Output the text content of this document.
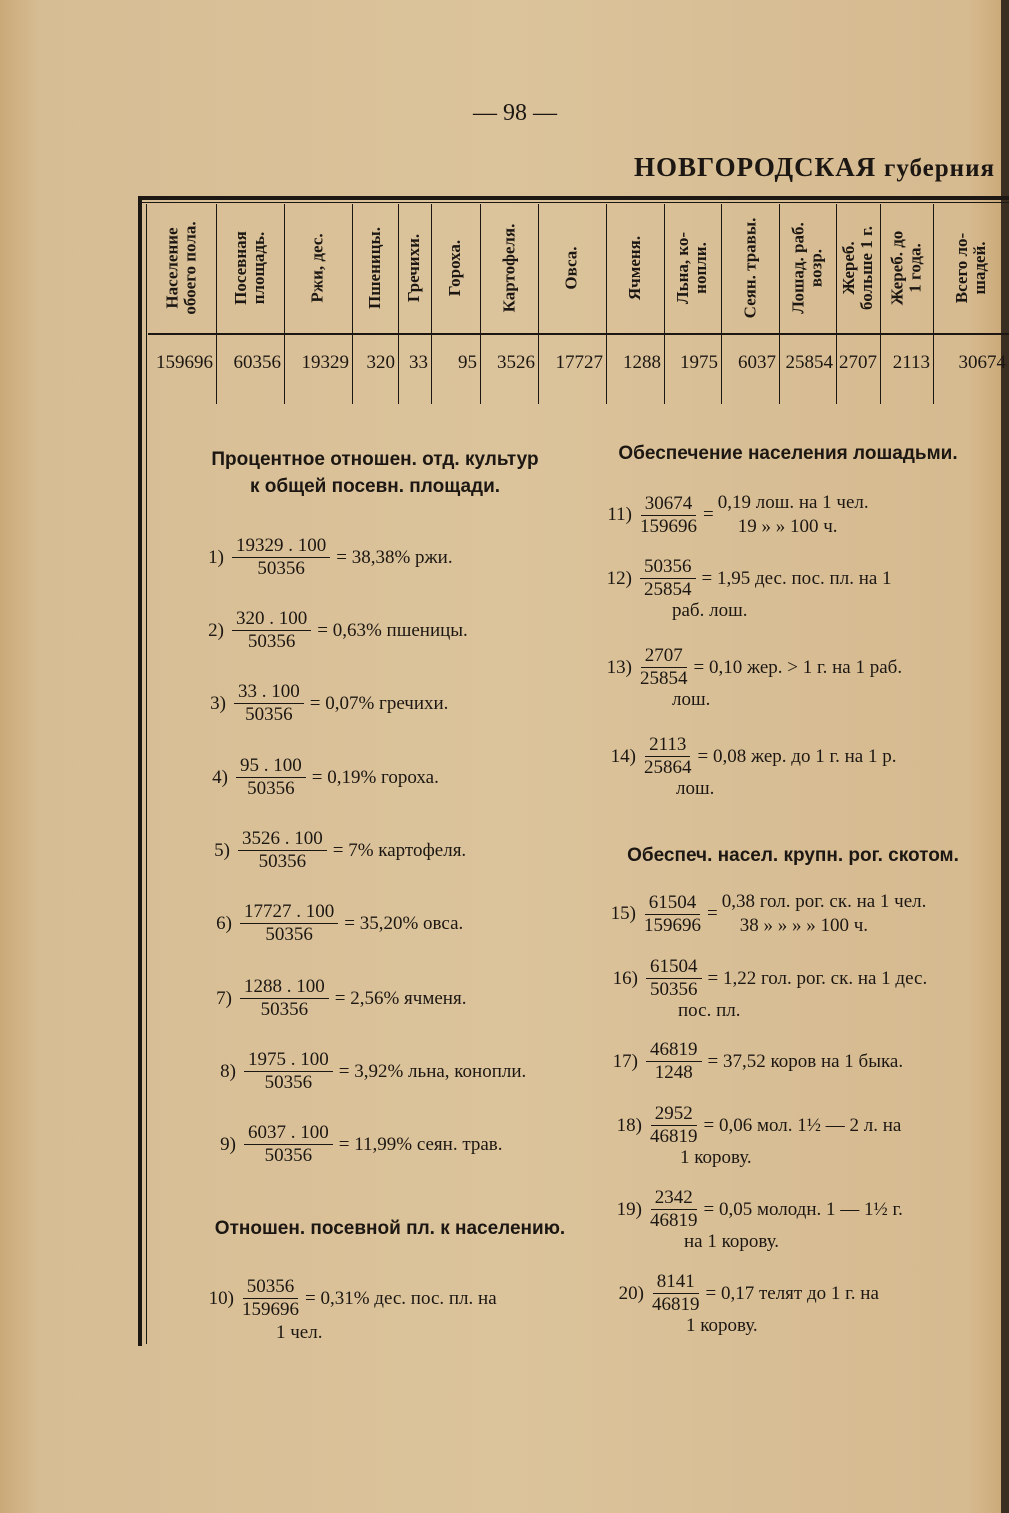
— 98 —
НОВГОРОДСКАЯ губерния
Население
обоего пола.
159696
Посевная
площадь.
60356
Ржи, дес.
19329
Пшеницы.
320
Гречихи.
33
Гороха.
95
Картофеля.
3526
Овса.
17727
Ячменя.
1288
Льна, ко-
нопли.
1975
Сеян. травы.
6037
Лошад. раб.
возр.
25854
Жереб.
больше 1 г.
2707
Жереб. до
1 года.
2113
Всего ло-
шадей.
30674
Процентное отношен. отд. культур
к общей посевн. площади.
$1) \frac{19329 . 100}{50356} = 38,38\%$ ржи.
$2) \frac{320 . 100}{50356} = 0,63\%$ пшеницы.
$3) \frac{33 . 100}{50356} = 0,07\%$ гречихи.
$4) \frac{95 . 100}{50356} = 0,19\%$ гороха.
$5) \frac{3526 . 100}{50356} = 7\%$ картофеля.
$6) \frac{17727 . 100}{50356} = 35,20\%$ овса.
$7) \frac{1288 . 100}{50356} = 2,56\%$ ячменя.
$8) \frac{1975 . 100}{50356} = 3,92\%$ льна, конопли.
$9) \frac{6037 . 100}{50356} = 11,99\%$ сеян. трав.
Отношен. посевной пл. к населению.
$10) \frac{50356}{159696} = 0,31\%$ дес. пос. пл. на
1 чел.
Обеспечение населения лошадьми.
$11) \frac{30674}{159696}$ =
0,19 лош. на 1 чел.
19 » » 100 ч.
$12) \frac{50356}{25854} = 1,95$ дес. пос. пл. на 1
раб. лош.
$13) \frac{2707}{25854} = 0,10$ жер. > 1 г. на 1 раб.
лош.
$14) \frac{2113}{25864} = 0,08$ жер. до 1 г. на 1 р.
лош.
Обеспеч. насел. крупн. рог. скотом.
$15) \frac{61504}{159696}$ =
0,38 гол. рог. ск. на 1 чел.
38 » » » » 100 ч.
$16) \frac{61504}{50356} = 1,22$ гол. рог. ск. на 1 дес.
пос. пл.
$17) \frac{46819}{1248} = 37,52$ коров на 1 быка.
$18) \frac{2952}{46819} = 0,06$ мол. 1½ — 2 л. на
1 корову.
$19) \frac{2342}{46819} = 0,05$ молодн. 1 — 1½ г.
на 1 корову.
$20) \frac{8141}{46819} = 0,17$ телят до 1 г. на
1 корову.
